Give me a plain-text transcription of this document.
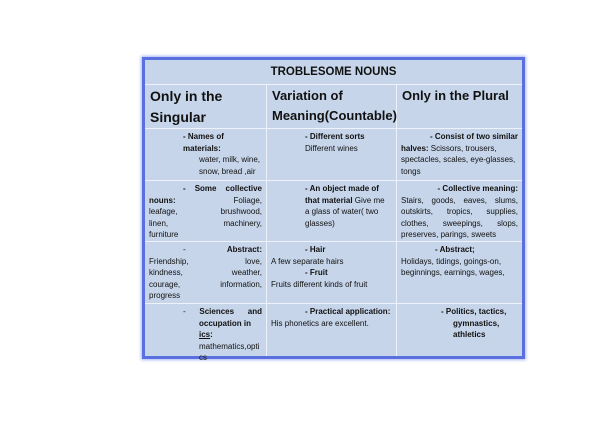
TROBLESOME NOUNS
Only in the Singular
Variation of Meaning(Countable)
Only in the Plural
- Names of materials:
water, milk, wine,
snow, bread ,air
- Different sorts
Different wines
- Consist of two similar
halves: Scissors, trousers,
spectacles, scales, eye-glasses,
tongs
- Some collective
nouns:	Foliage,
leafage, brushwood,
linen, machinery,
furniture
- An object made of
that material Give me
a glass of water( two
glasses)
- Collective meaning:
Stairs, goods, eaves, slums,
outskirts, tropics, supplies,
clothes, sweepings, slops,
preserves, parings, sweets
-	Abstract:
Friendship, love,
kindness, weather,
courage, information,
progress
- Hair
A few separate hairs
- Fruit
Fruits different kinds of fruit
- Abstract;
Holidays, tidings, goings-on,
beginnings, earnings, wages,
- Sciences and
occupation in ics:
mathematics,opti
cs
- Practical application:
His phonetics are excellent.
- Politics, tactics,
gymnastics,
athletics
